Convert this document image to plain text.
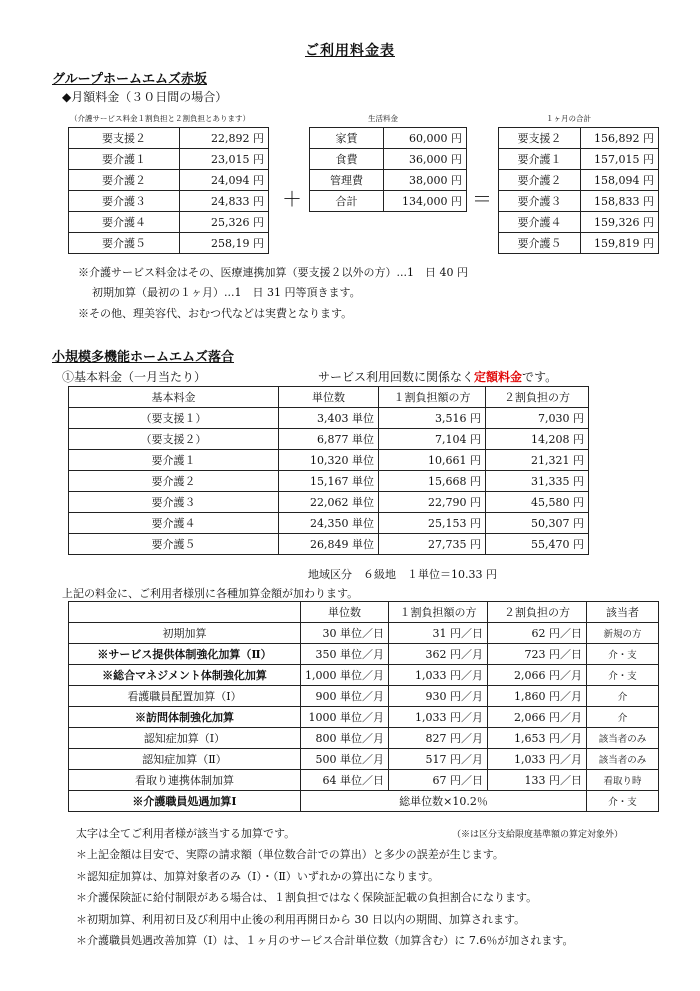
ご利用料金表
グループホームエムズ赤坂
◆月額料金（３０日間の場合）
（介護サービス料金１割負担と２割負担とあります）	生活料金	１ヶ月の合計
要支援２	22,892 円
要介護１	23,015 円
要介護２	24,094 円
要介護３	24,833 円
要介護４	25,326 円
要介護５	258,19 円
＋
家賃	60,000 円
食費	36,000 円
管理費	38,000 円
合計	134,000 円 ＝
要支援２	156,892 円
要介護１	157,015 円
要介護２	158,094 円
要介護３	158,833 円
要介護４	159,326 円
要介護５	159,819 円
※介護サービス料金はその、医療連携加算（要支援２以外の方）...1　日 40 円
初期加算（最初の１ヶ月）...1　日 31 円等頂きます。
※その他、理美容代、おむつ代などは実費となります。
小規模多機能ホームエムズ落合
①基本料金（一月当たり）	サービス利用回数に関係なく定額料金です。
基本料金	単位数	１割負担額の方	２割負担の方
（要支援１）	3,403 単位	3,516 円	7,030 円
（要支援２）	6,877 単位	7,104 円	14,208 円
要介護１	10,320 単位	10,661 円	21,321 円
要介護２	15,167 単位	15,668 円	31,335 円
要介護３	22,062 単位	22,790 円	45,580 円
要介護４	24,350 単位	25,153 円	50,307 円
要介護５	26,849 単位	27,735 円	55,470 円
地域区分　６級地　１単位＝10.33 円
上記の料金に、ご利用者様別に各種加算金額が加わります。
	単位数	１割負担額の方	２割負担の方	該当者
初期加算	30 単位／日	31 円／日	62 円／日	新規の方
※サービス提供体制強化加算（Ⅱ）	350 単位／月	362 円／月	723 円／日	介・支
※総合マネジメント体制強化加算	1,000 単位／月	1,033 円／月	2,066 円／月	介・支
看護職員配置加算（Ⅰ）	900 単位／月	930 円／月	1,860 円／月	介
※訪問体制強化加算	1000 単位／月	1,033 円／月	2,066 円／月	介
認知症加算（Ⅰ）	800 単位／月	827 円／月	1,653 円／月	該当者のみ
認知症加算（Ⅱ）	500 単位／月	517 円／月	1,033 円／月	該当者のみ
看取り連携体制加算	64 単位／日	67 円／日	133 円／日	看取り時
※介護職員処遇加算Ⅰ	総単位数×10.2％			介・支
太字は全てご利用者様が該当する加算です。	（※は区分支給限度基準額の算定対象外）
＊上記金額は目安で、実際の請求額（単位数合計での算出）と多少の誤差が生じます。
＊認知症加算は、加算対象者のみ（Ⅰ）・（Ⅱ）いずれかの算出になります。
＊介護保険証に給付制限がある場合は、１割負担ではなく保険証記載の負担割合になります。
＊初期加算、利用初日及び利用中止後の利用再開日から 30 日以内の期間、加算されます。
＊介護職員処遇改善加算（Ⅰ）は、１ヶ月のサービス合計単位数（加算含む）に 7.6％が加されます。
